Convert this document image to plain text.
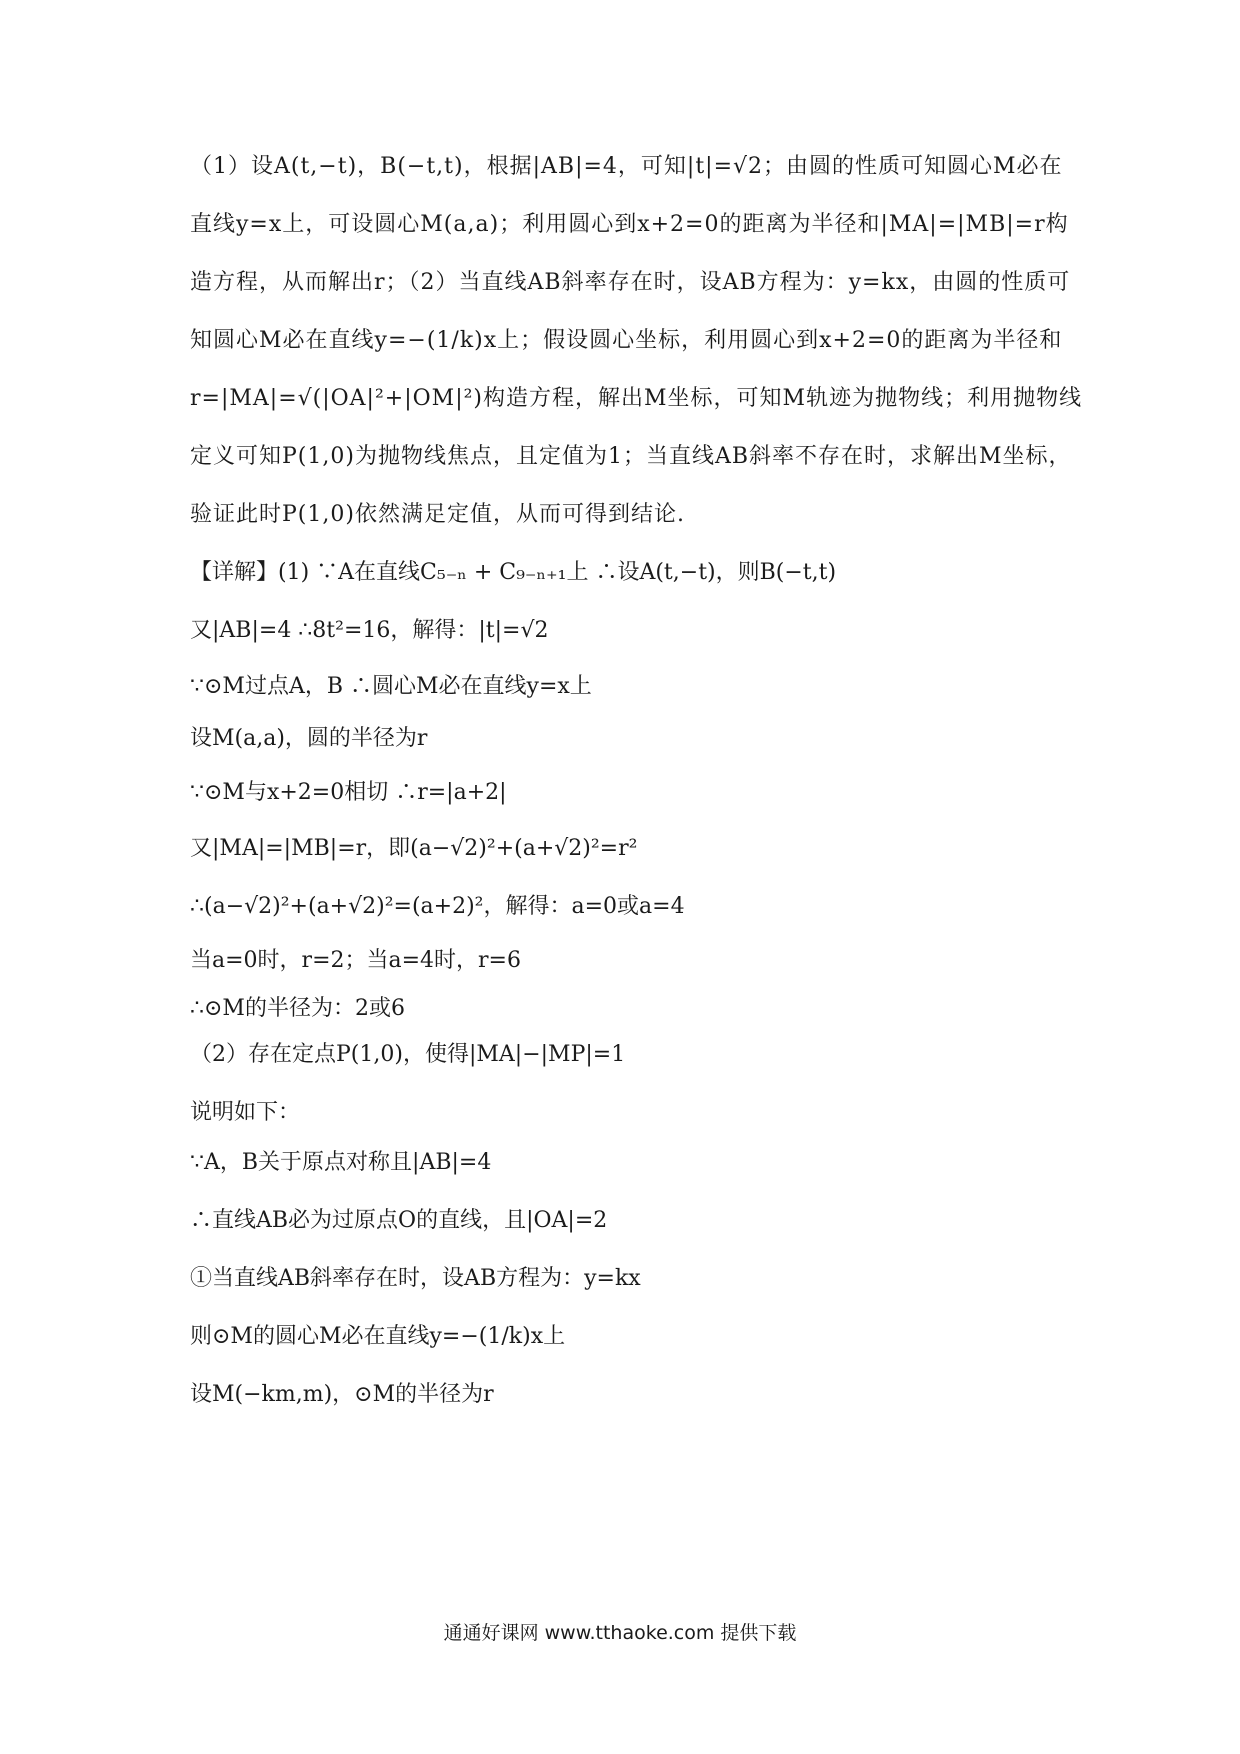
（1）设A(t,−t)，B(−t,t)，根据|AB|=4，可知|t|=√2；由圆的性质可知圆心M必在
直线y=x上，可设圆心M(a,a)；利用圆心到x+2=0的距离为半径和|MA|=|MB|=r构
造方程，从而解出r；（2）当直线AB斜率存在时，设AB方程为：y=kx，由圆的性质可
知圆心M必在直线y=−(1/k)x上；假设圆心坐标，利用圆心到x+2=0的距离为半径和
r=|MA|=√(|OA|²+|OM|²)构造方程，解出M坐标，可知M轨迹为抛物线；利用抛物线
定义可知P(1,0)为抛物线焦点，且定值为1；当直线AB斜率不存在时，求解出M坐标，
验证此时P(1,0)依然满足定值，从而可得到结论.
【详解】(1) ∵A在直线C₅₋ₙ + C₉₋ₙ₊₁上 ∴设A(t,−t)，则B(−t,t)
又|AB|=4 ∴8t²=16，解得：|t|=√2
∵⊙M过点A，B ∴圆心M必在直线y=x上
设M(a,a)，圆的半径为r
∵⊙M与x+2=0相切 ∴r=|a+2|
又|MA|=|MB|=r，即(a−√2)²+(a+√2)²=r²
∴(a−√2)²+(a+√2)²=(a+2)²，解得：a=0或a=4
当a=0时，r=2；当a=4时，r=6
∴⊙M的半径为：2或6
（2）存在定点P(1,0)，使得|MA|−|MP|=1
说明如下：
∵A，B关于原点对称且|AB|=4
∴直线AB必为过原点O的直线，且|OA|=2
①当直线AB斜率存在时，设AB方程为：y=kx
则⊙M的圆心M必在直线y=−(1/k)x上
设M(−km,m)，⊙M的半径为r
通通好课网 www.tthaoke.com 提供下载
